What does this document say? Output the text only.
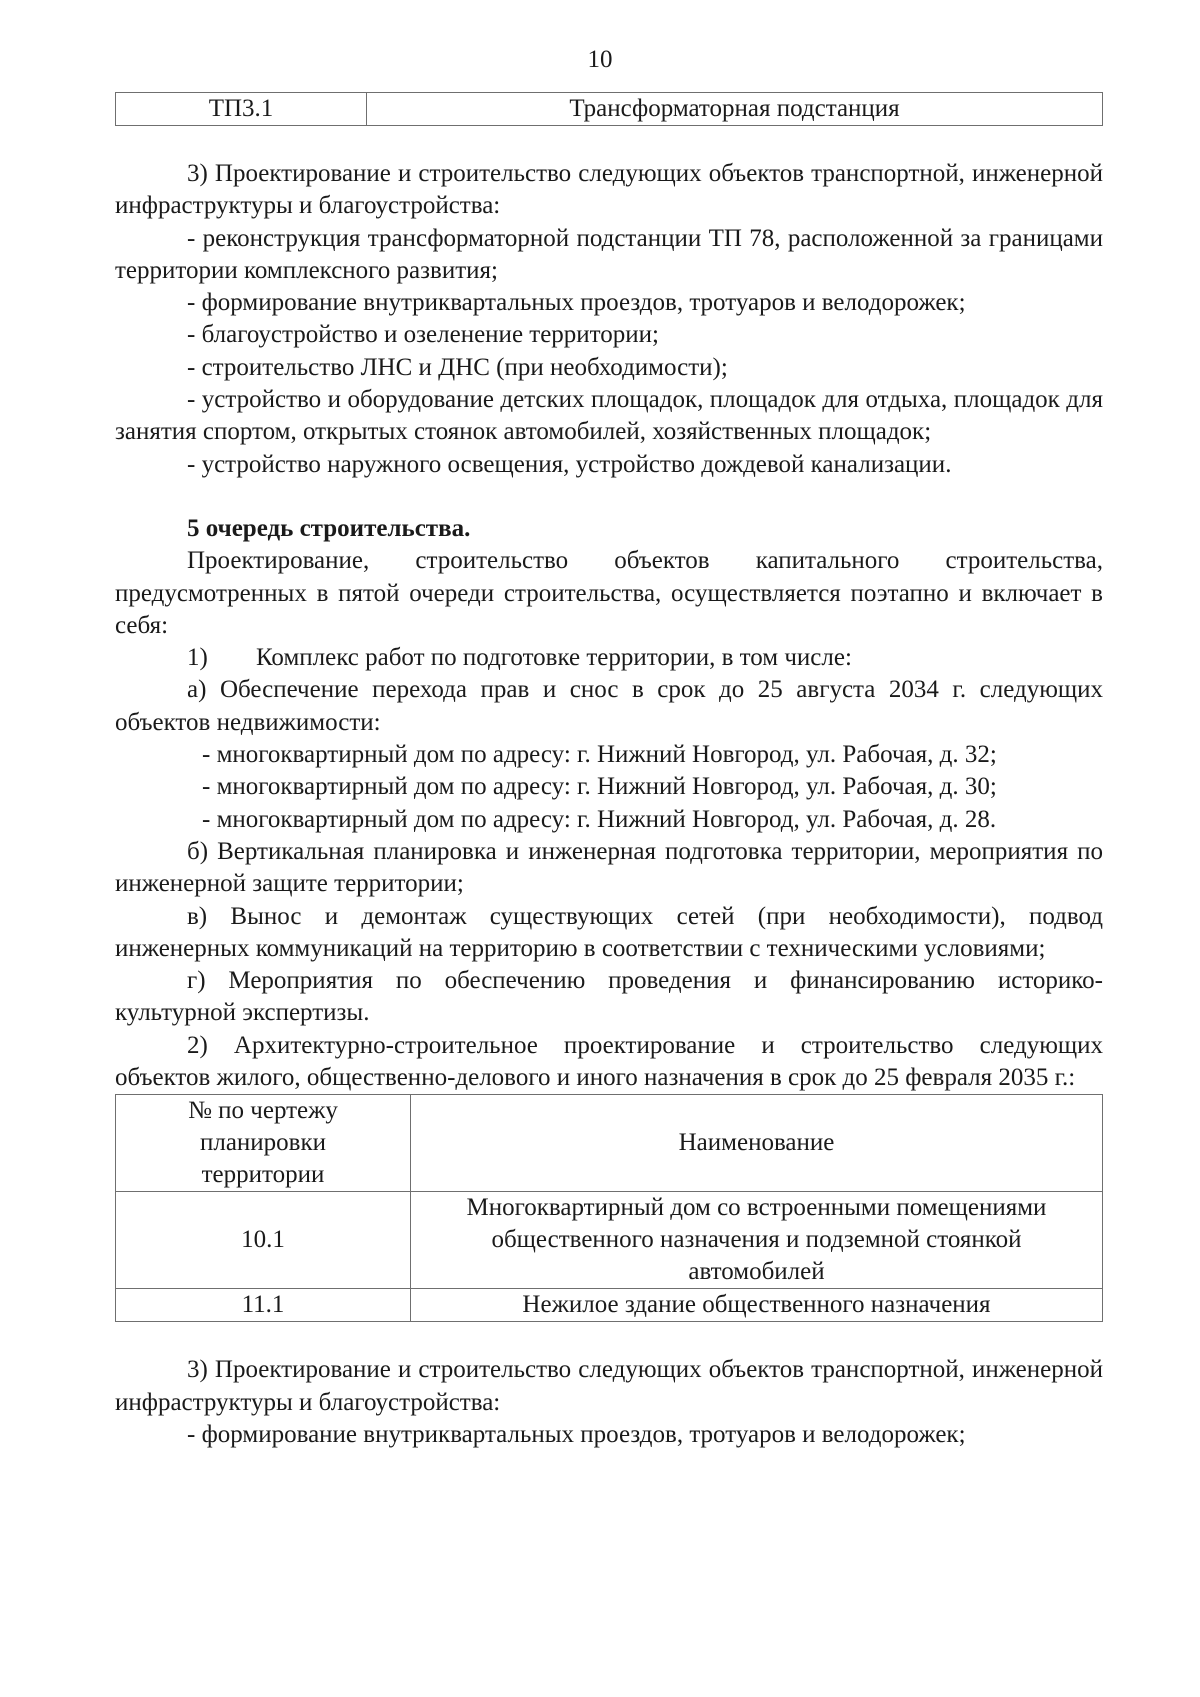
10
ТП3.1	Трансформаторная подстанция

3) Проектирование и строительство следующих объектов транспортной, инженерной инфраструктуры и благоустройства:

- реконструкция трансформаторной подстанции ТП 78, расположенной за границами территории комплексного развития;

- формирование внутриквартальных проездов, тротуаров и велодорожек;

- благоустройство и озеленение территории;

- строительство ЛНС и ДНС (при необходимости);

- устройство и оборудование детских площадок, площадок для отдыха, площадок для занятия спортом, открытых стоянок автомобилей, хозяйственных площадок;

- устройство наружного освещения, устройство дождевой канализации.

5 очередь строительства.

Проектирование, строительство объектов капитального строительства, предусмотренных в пятой очереди строительства, осуществляется поэтапно и включает в себя:

1) Комплекс работ по подготовке территории, в том числе:

а) Обеспечение перехода прав и снос в срок до 25 августа 2034 г. следующих объектов недвижимости:

- многоквартирный дом по адресу: г. Нижний Новгород, ул. Рабочая, д. 32;

- многоквартирный дом по адресу: г. Нижний Новгород, ул. Рабочая, д. 30;

- многоквартирный дом по адресу: г. Нижний Новгород, ул. Рабочая, д. 28.

б) Вертикальная планировка и инженерная подготовка территории, мероприятия по инженерной защите территории;

в) Вынос и демонтаж существующих сетей (при необходимости), подвод инженерных коммуникаций на территорию в соответствии с техническими условиями;

г) Мероприятия по обеспечению проведения и финансированию историко-культурной экспертизы.

2) Архитектурно-строительное проектирование и строительство следующих объектов жилого, общественно-делового и иного назначения в срок до 25 февраля 2035 г.:

№ по чертежу планировки территории	Наименование
10.1	Многоквартирный дом со встроенными помещениями общественного назначения и подземной стоянкой автомобилей
11.1	Нежилое здание общественного назначения

3) Проектирование и строительство следующих объектов транспортной, инженерной инфраструктуры и благоустройства:

- формирование внутриквартальных проездов, тротуаров и велодорожек;
